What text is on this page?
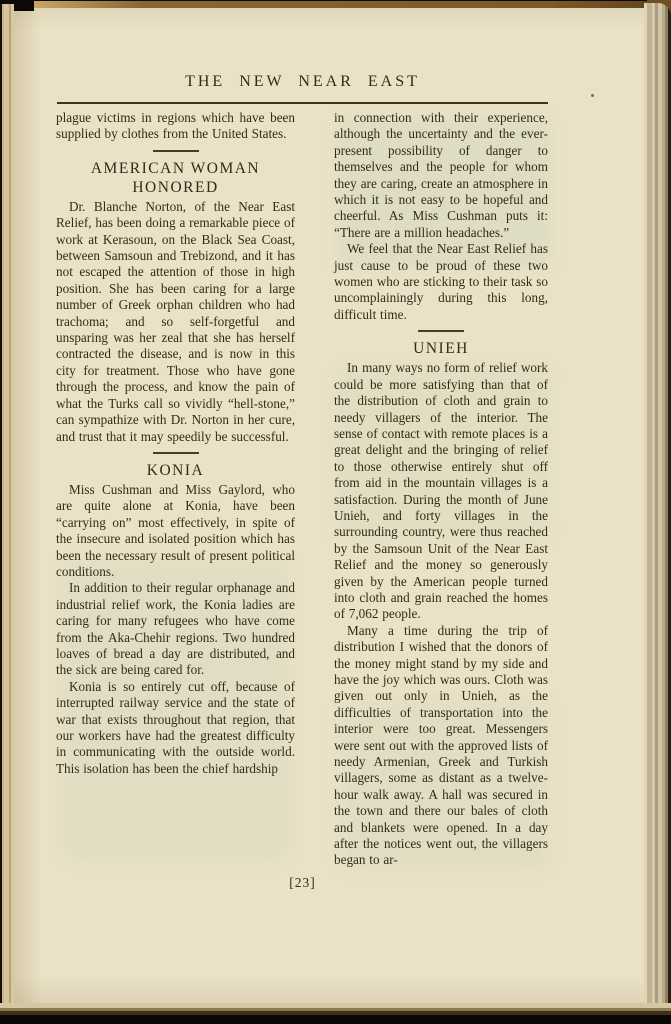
THE NEW NEAR EAST

plague victims in regions which have been supplied by clothes from the United States.

AMERICAN WOMAN HONORED

Dr. Blanche Norton, of the Near East Relief, has been doing a remarkable piece of work at Kerasoun, on the Black Sea Coast, between Samsoun and Trebizond, and it has not escaped the attention of those in high position. She has been caring for a large number of Greek orphan children who had trachoma; and so self-forgetful and unsparing was her zeal that she has herself contracted the disease, and is now in this city for treatment. Those who have gone through the process, and know the pain of what the Turks call so vividly “hell-stone,” can sympathize with Dr. Norton in her cure, and trust that it may speedily be successful.

KONIA

Miss Cushman and Miss Gaylord, who are quite alone at Konia, have been “carrying on” most effectively, in spite of the insecure and isolated position which has been the necessary result of present political conditions.

In addition to their regular orphanage and industrial relief work, the Konia ladies are caring for many refugees who have come from the Aka-Chehir regions. Two hundred loaves of bread a day are distributed, and the sick are being cared for.

Konia is so entirely cut off, because of interrupted railway service and the state of war that exists throughout that region, that our workers have had the greatest difficulty in communicating with the outside world. This isolation has been the chief hardship

in connection with their experience, although the uncertainty and the ever-present possibility of danger to themselves and the people for whom they are caring, create an atmosphere in which it is not easy to be hopeful and cheerful. As Miss Cushman puts it: “There are a million headaches.”

We feel that the Near East Relief has just cause to be proud of these two women who are sticking to their task so uncomplainingly during this long, difficult time.

UNIEH

In many ways no form of relief work could be more satisfying than that of the distribution of cloth and grain to needy villagers of the interior. The sense of contact with remote places is a great delight and the bringing of relief to those otherwise entirely shut off from aid in the mountain villages is a satisfaction. During the month of June Unieh, and forty villages in the surrounding country, were thus reached by the Samsoun Unit of the Near East Relief and the money so generously given by the American people turned into cloth and grain reached the homes of 7,062 people.

Many a time during the trip of distribution I wished that the donors of the money might stand by my side and have the joy which was ours. Cloth was given out only in Unieh, as the difficulties of transportation into the interior were too great. Messengers were sent out with the approved lists of needy Armenian, Greek and Turkish villagers, some as distant as a twelve-hour walk away. A hall was secured in the town and there our bales of cloth and blankets were opened. In a day after the notices went out, the villagers began to ar-

[23]
